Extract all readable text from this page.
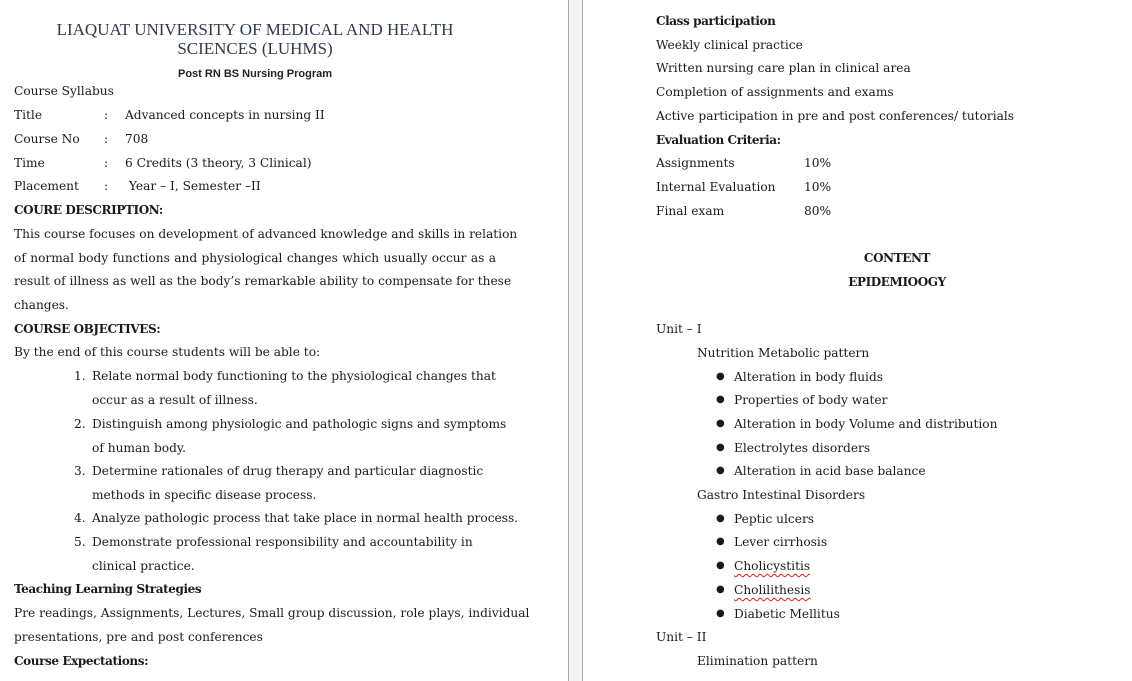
LIAQUAT UNIVERSITY OF MEDICAL AND HEALTH
SCIENCES (LUHMS)
Post RN BS Nursing Program
Course Syllabus
Title	: Advanced concepts in nursing II
Course No : 708
Time	: 6 Credits (3 theory, 3 Clinical)
Placement : Year – I, Semester –II
COURE DESCRIPTION:
This course focuses on development of advanced knowledge and skills in relation
of normal body functions and physiological changes which usually occur as a
result of illness as well as the body’s remarkable ability to compensate for these
changes.
COURSE OBJECTIVES:
By the end of this course students will be able to:
1. Relate normal body functioning to the physiological changes that
occur as a result of illness.
2. Distinguish among physiologic and pathologic signs and symptoms
of human body.
3. Determine rationales of drug therapy and particular diagnostic
methods in specific disease process.
4. Analyze pathologic process that take place in normal health process.
5. Demonstrate professional responsibility and accountability in
clinical practice.
Teaching Learning Strategies
Pre readings, Assignments, Lectures, Small group discussion, role plays, individual
presentations, pre and post conferences
Course Expectations:
Class participation
Weekly clinical practice
Written nursing care plan in clinical area
Completion of assignments and exams
Active participation in pre and post conferences/ tutorials
Evaluation Criteria:
Assignments	10%
Internal Evaluation 10%
Final exam	80%
CONTENT
EPIDEMIOOGY
Unit – I
Nutrition Metabolic pattern
● Alteration in body fluids
● Properties of body water
● Alteration in body Volume and distribution
● Electrolytes disorders
● Alteration in acid base balance
Gastro Intestinal Disorders
● Peptic ulcers
● Lever cirrhosis
● Cholicystitis
● Cholilithesis
● Diabetic Mellitus
Unit – II
Elimination pattern
